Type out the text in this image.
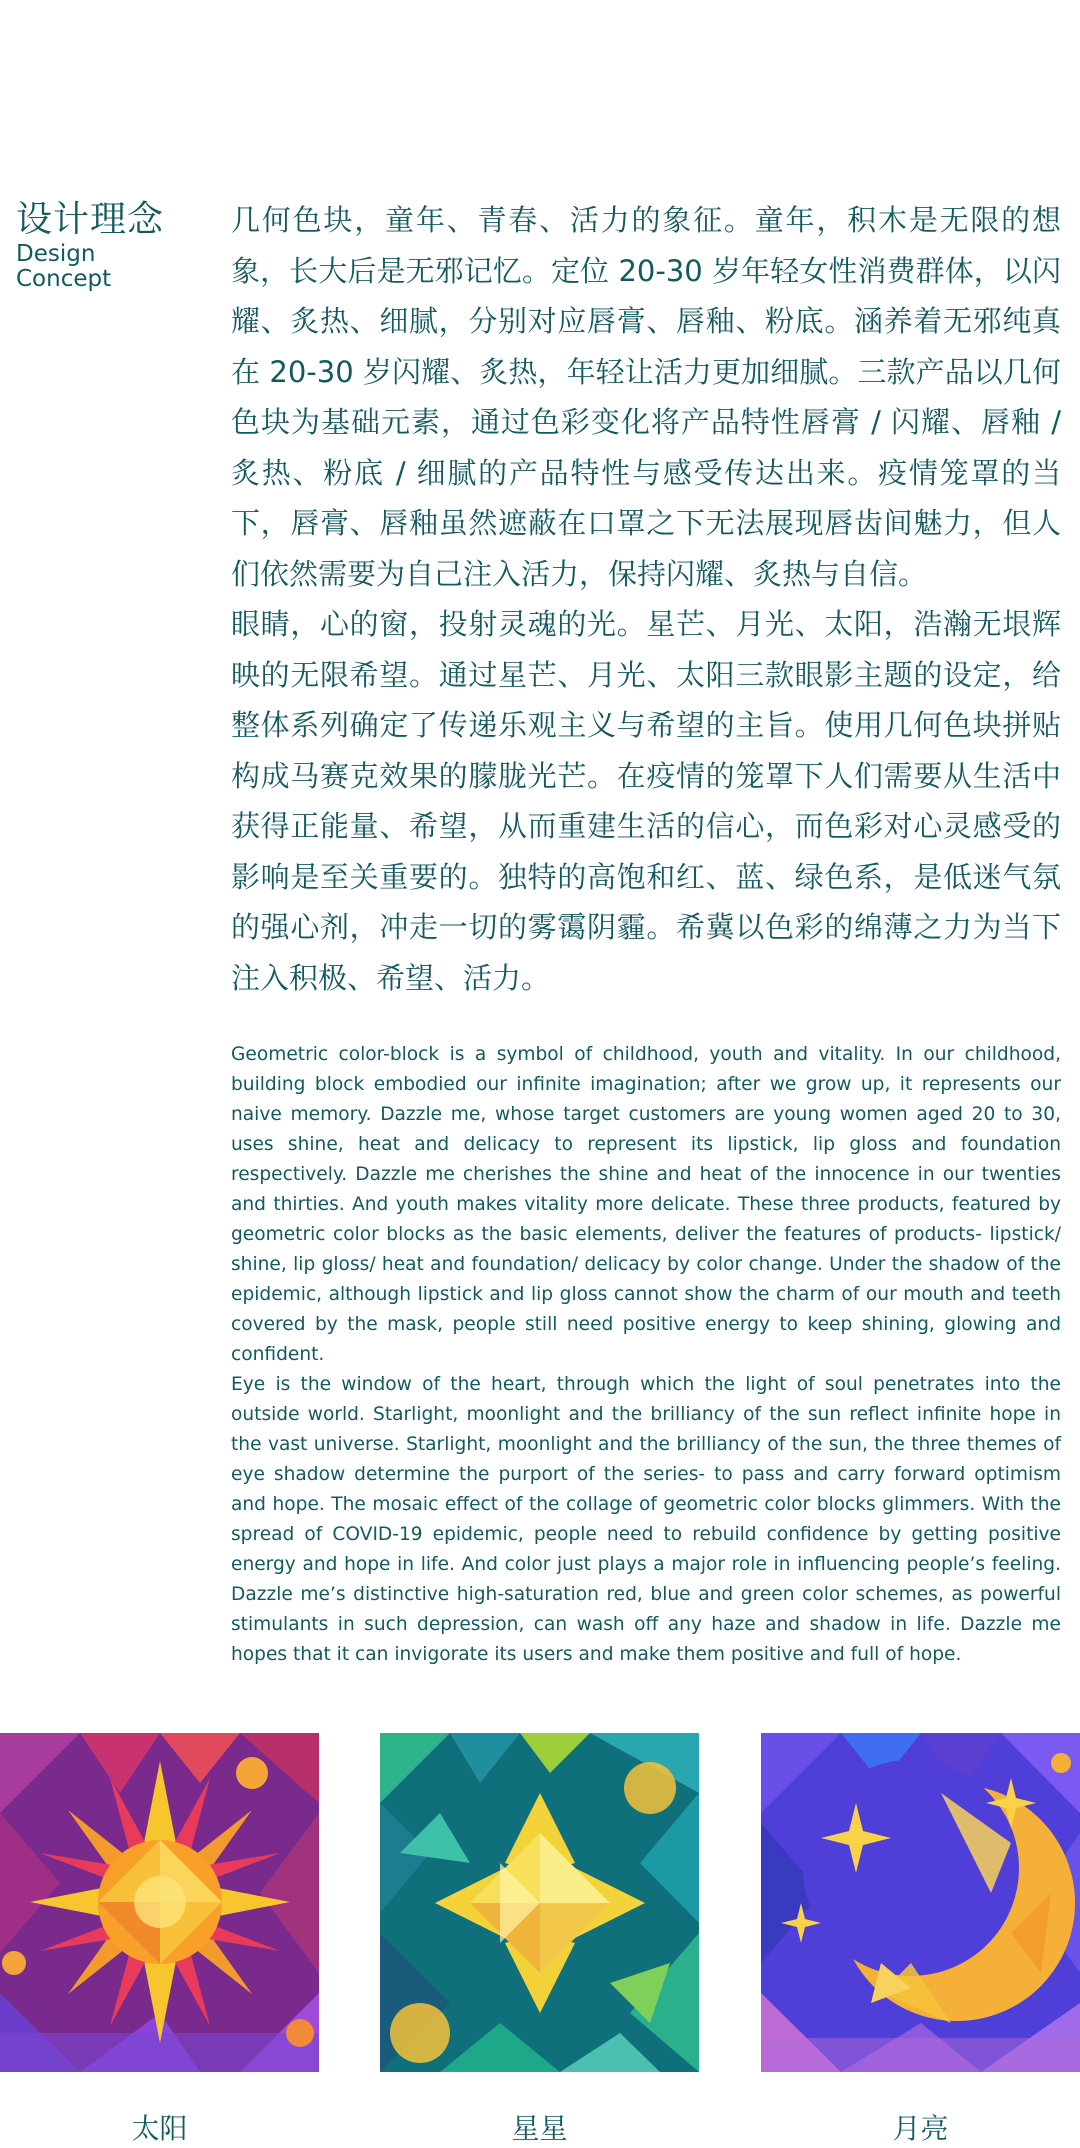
设计理念
Design
Concept

几何色块，童年、青春、活力的象征。童年，积木是无限的想象，长大后是无邪记忆。定位 20-30 岁年轻女性消费群体，以闪耀、炙热、细腻，分别对应唇膏、唇釉、粉底。涵养着无邪纯真在 20-30 岁闪耀、炙热，年轻让活力更加细腻。三款产品以几何色块为基础元素，通过色彩变化将产品特性唇膏 / 闪耀、唇釉 / 炙热、粉底 / 细腻的产品特性与感受传达出来。疫情笼罩的当下，唇膏、唇釉虽然遮蔽在口罩之下无法展现唇齿间魅力，但人们依然需要为自己注入活力，保持闪耀、炙热与自信。

眼睛，心的窗，投射灵魂的光。星芒、月光、太阳，浩瀚无垠辉映的无限希望。通过星芒、月光、太阳三款眼影主题的设定，给整体系列确定了传递乐观主义与希望的主旨。使用几何色块拼贴构成马赛克效果的朦胧光芒。在疫情的笼罩下人们需要从生活中获得正能量、希望，从而重建生活的信心，而色彩对心灵感受的影响是至关重要的。独特的高饱和红、蓝、绿色系，是低迷气氛的强心剂，冲走一切的雾霭阴霾。希冀以色彩的绵薄之力为当下注入积极、希望、活力。

Geometric color-block is a symbol of childhood, youth and vitality. In our childhood, building block embodied our infinite imagination; after we grow up, it represents our naive memory. Dazzle me, whose target customers are young women aged 20 to 30, uses shine, heat and delicacy to represent its lipstick, lip gloss and foundation respectively. Dazzle me cherishes the shine and heat of the innocence in our twenties and thirties. And youth makes vitality more delicate. These three products, featured by geometric color blocks as the basic elements, deliver the features of products- lipstick/ shine, lip gloss/ heat and foundation/ delicacy by color change. Under the shadow of the epidemic, although lipstick and lip gloss cannot show the charm of our mouth and teeth covered by the mask, people still need positive energy to keep shining, glowing and confident.

Eye is the window of the heart, through which the light of soul penetrates into the outside world. Starlight, moonlight and the brilliancy of the sun reflect infinite hope in the vast universe. Starlight, moonlight and the brilliancy of the sun, the three themes of eye shadow determine the purport of the series- to pass and carry forward optimism and hope. The mosaic effect of the collage of geometric color blocks glimmers. With the spread of COVID-19 epidemic, people need to rebuild confidence by getting positive energy and hope in life. And color just plays a major role in influencing people’s feeling. Dazzle me’s distinctive high-saturation red, blue and green color schemes, as powerful stimulants in such depression, can wash off any haze and shadow in life. Dazzle me hopes that it can invigorate its users and make them positive and full of hope.

太阳	星星	月亮
